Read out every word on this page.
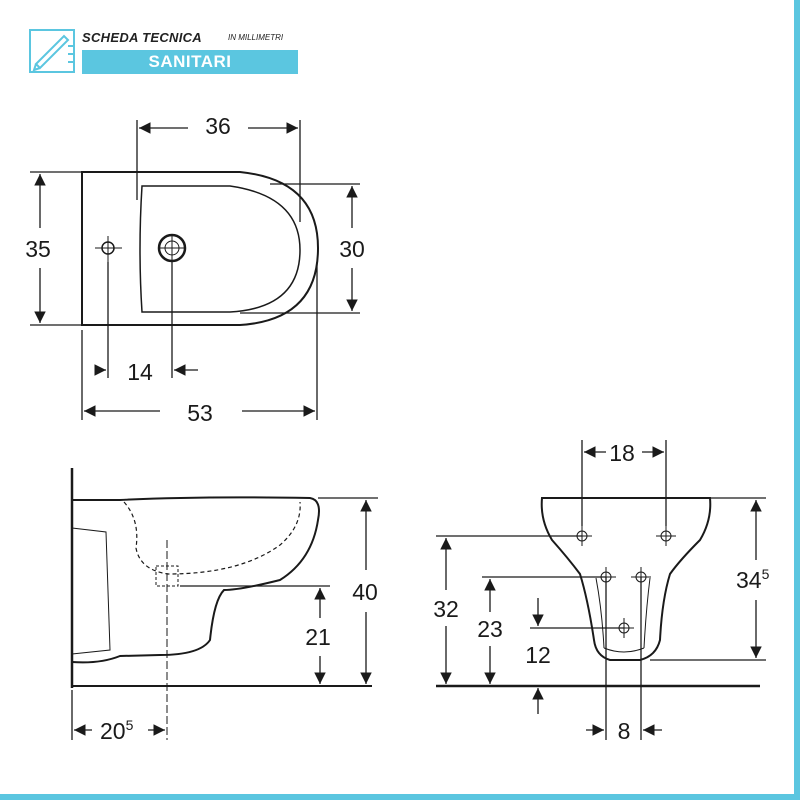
SCHEDA TECNICA	IN MILLIMETRI
SANITARI
36
35	30
14
53
40
21
$20^5$
18
$34^5$
32
23
12
8
